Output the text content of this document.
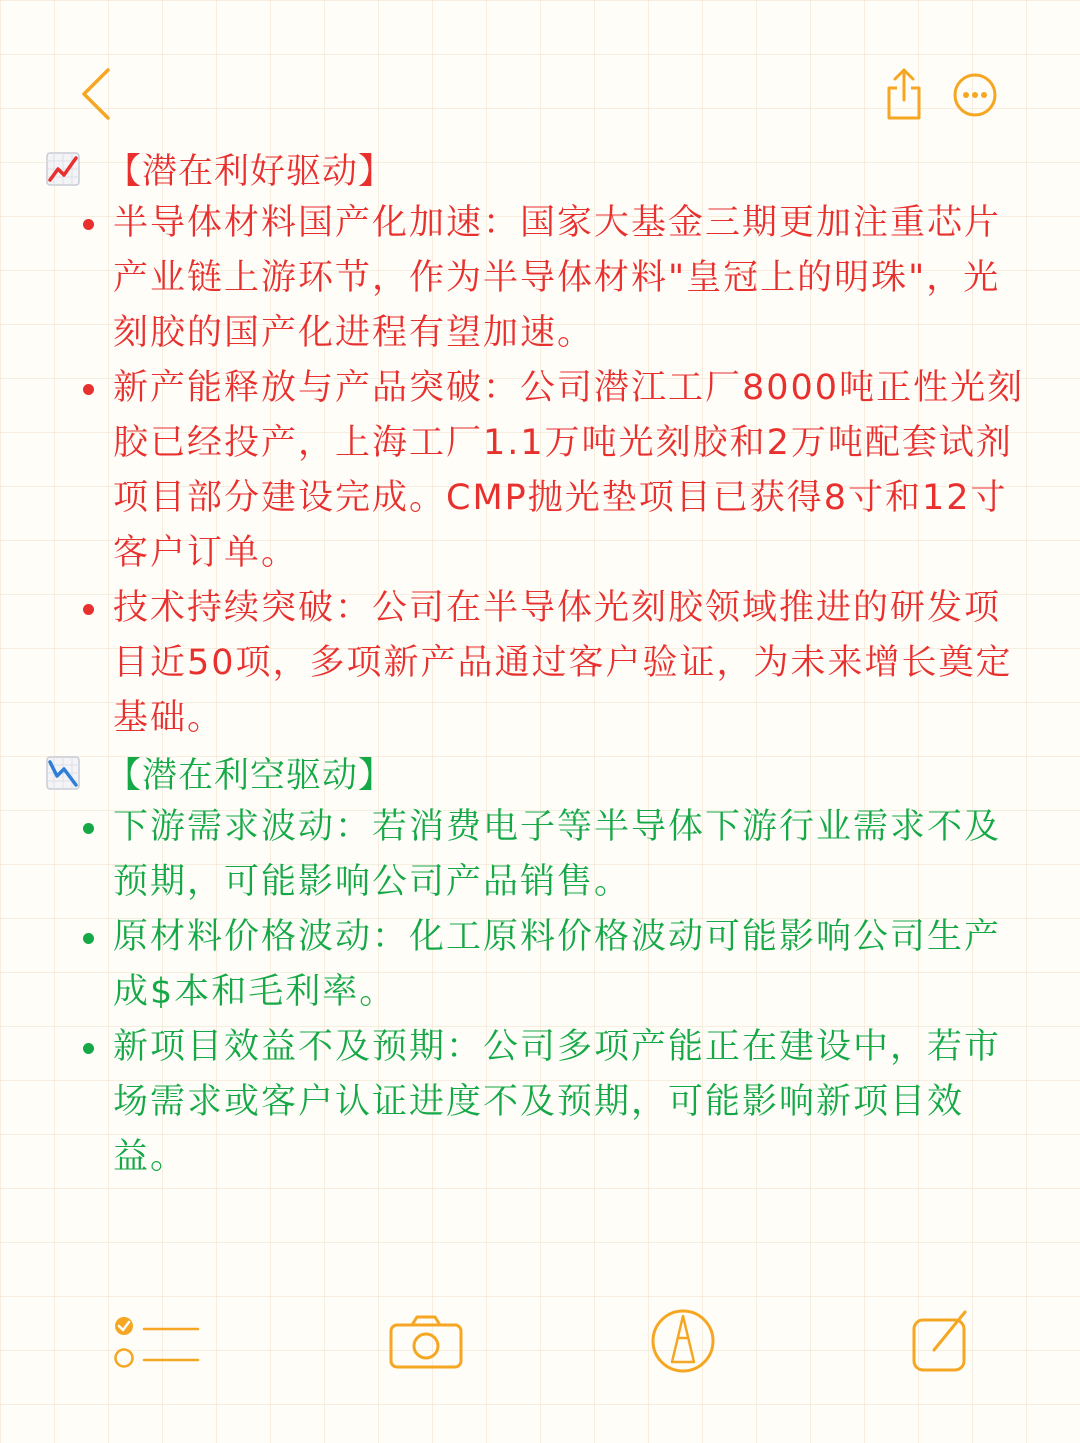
【潜在利好驱动】
半导体材料国产化加速：国家大基金三期更加注重芯片产业链上游环节，作为半导体材料"皇冠上的明珠"，光刻胶的国产化进程有望加速。
新产能释放与产品突破：公司潜江工厂8000吨正性光刻胶已经投产，上海工厂1.1万吨光刻胶和2万吨配套试剂项目部分建设完成。CMP抛光垫项目已获得8寸和12寸客户订单。
技术持续突破：公司在半导体光刻胶领域推进的研发项目近50项，多项新产品通过客户验证，为未来增长奠定基础。
【潜在利空驱动】
下游需求波动：若消费电子等半导体下游行业需求不及预期，可能影响公司产品销售。
原材料价格波动：化工原料价格波动可能影响公司生产成$本和毛利率。
新项目效益不及预期：公司多项产能正在建设中，若市场需求或客户认证进度不及预期，可能影响新项目效益。
